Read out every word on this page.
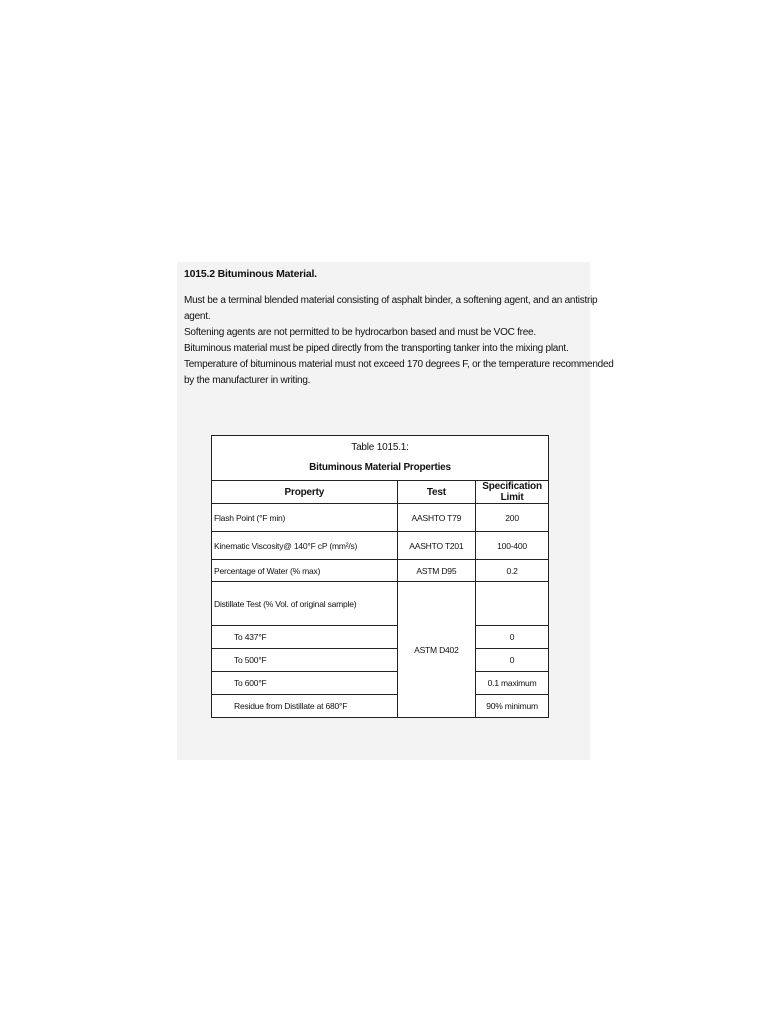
1015.2 Bituminous Material.
Must be a terminal blended material consisting of asphalt binder, a softening agent, and an antistrip
agent.
Softening agents are not permitted to be hydrocarbon based and must be VOC free.
Bituminous material must be piped directly from the transporting tanker into the mixing plant.
Temperature of bituminous material must not exceed 170 degrees F, or the temperature recommended
by the manufacturer in writing.
Table 1015.1:
Bituminous Material Properties		

Property	Test	Specification Limit
Flash Point (°F min)	AASHTO T79	200
Kinematic Viscosity@ 140°F cP (mm²/s)	AASHTO T201	100-400
Percentage of Water (% max)	ASTM D95	0.2
Distillate Test (% Vol. of original sample)	ASTM D402	
To 437°F		0
To 500°F		0
To 600°F		0.1 maximum
Residue from Distillate at 680°F		90% minimum
